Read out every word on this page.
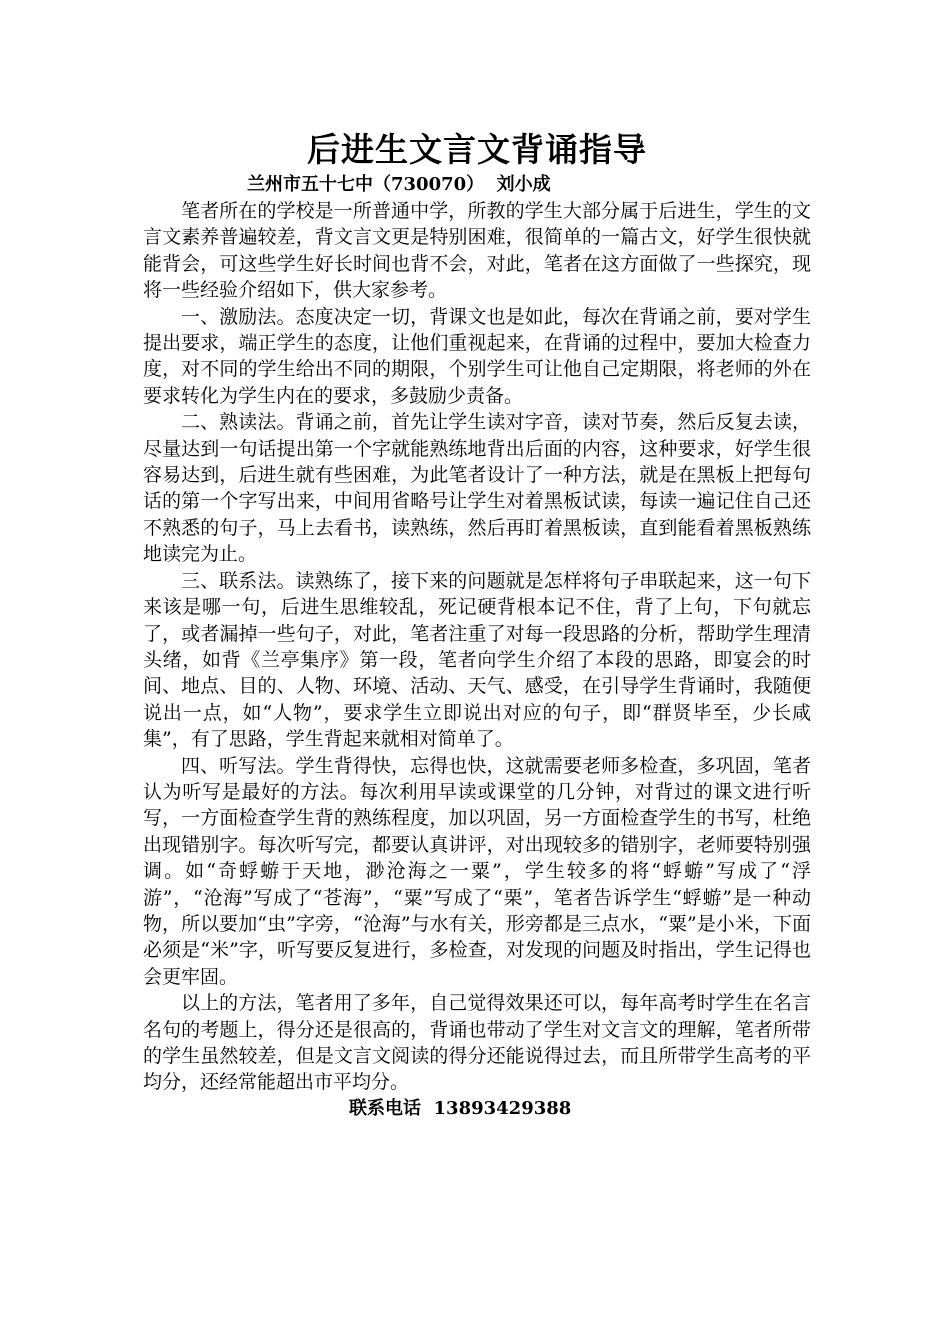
后进生文言文背诵指导

兰州市五十七中（730070）  刘小成

笔者所在的学校是一所普通中学，所教的学生大部分属于后进生，学生的文言文素养普遍较差，背文言文更是特别困难，很简单的一篇古文，好学生很快就能背会，可这些学生好长时间也背不会，对此，笔者在这方面做了一些探究，现将一些经验介绍如下，供大家参考。

一、激励法。态度决定一切，背课文也是如此，每次在背诵之前，要对学生提出要求，端正学生的态度，让他们重视起来，在背诵的过程中，要加大检查力度，对不同的学生给出不同的期限，个别学生可让他自己定期限，将老师的外在要求转化为学生内在的要求，多鼓励少责备。

二、熟读法。背诵之前，首先让学生读对字音，读对节奏，然后反复去读，尽量达到一句话提出第一个字就能熟练地背出后面的内容，这种要求，好学生很容易达到，后进生就有些困难，为此笔者设计了一种方法，就是在黑板上把每句话的第一个字写出来，中间用省略号让学生对着黑板试读，每读一遍记住自己还不熟悉的句子，马上去看书，读熟练，然后再盯着黑板读，直到能看着黑板熟练地读完为止。

三、联系法。读熟练了，接下来的问题就是怎样将句子串联起来，这一句下来该是哪一句，后进生思维较乱，死记硬背根本记不住，背了上句，下句就忘了，或者漏掉一些句子，对此，笔者注重了对每一段思路的分析，帮助学生理清头绪，如背《兰亭集序》第一段，笔者向学生介绍了本段的思路，即宴会的时间、地点、目的、人物、环境、活动、天气、感受，在引导学生背诵时，我随便说出一点，如“人物”，要求学生立即说出对应的句子，即“群贤毕至，少长咸集”，有了思路，学生背起来就相对简单了。

四、听写法。学生背得快，忘得也快，这就需要老师多检查，多巩固，笔者认为听写是最好的方法。每次利用早读或课堂的几分钟，对背过的课文进行听写，一方面检查学生背的熟练程度，加以巩固，另一方面检查学生的书写，杜绝出现错别字。每次听写完，都要认真讲评，对出现较多的错别字，老师要特别强调。如“奇蜉蝣于天地，渺沧海之一粟”，学生较多的将“蜉蝣”写成了“浮游”，“沧海”写成了“苍海”，“粟”写成了“栗”，笔者告诉学生“蜉蝣”是一种动物，所以要加“虫”字旁，“沧海”与水有关，形旁都是三点水，“粟”是小米，下面必须是“米”字，听写要反复进行，多检查，对发现的问题及时指出，学生记得也会更牢固。

以上的方法，笔者用了多年，自己觉得效果还可以，每年高考时学生在名言名句的考题上，得分还是很高的，背诵也带动了学生对文言文的理解，笔者所带的学生虽然较差，但是文言文阅读的得分还能说得过去，而且所带学生高考的平均分，还经常能超出市平均分。

联系电话  13893429388
